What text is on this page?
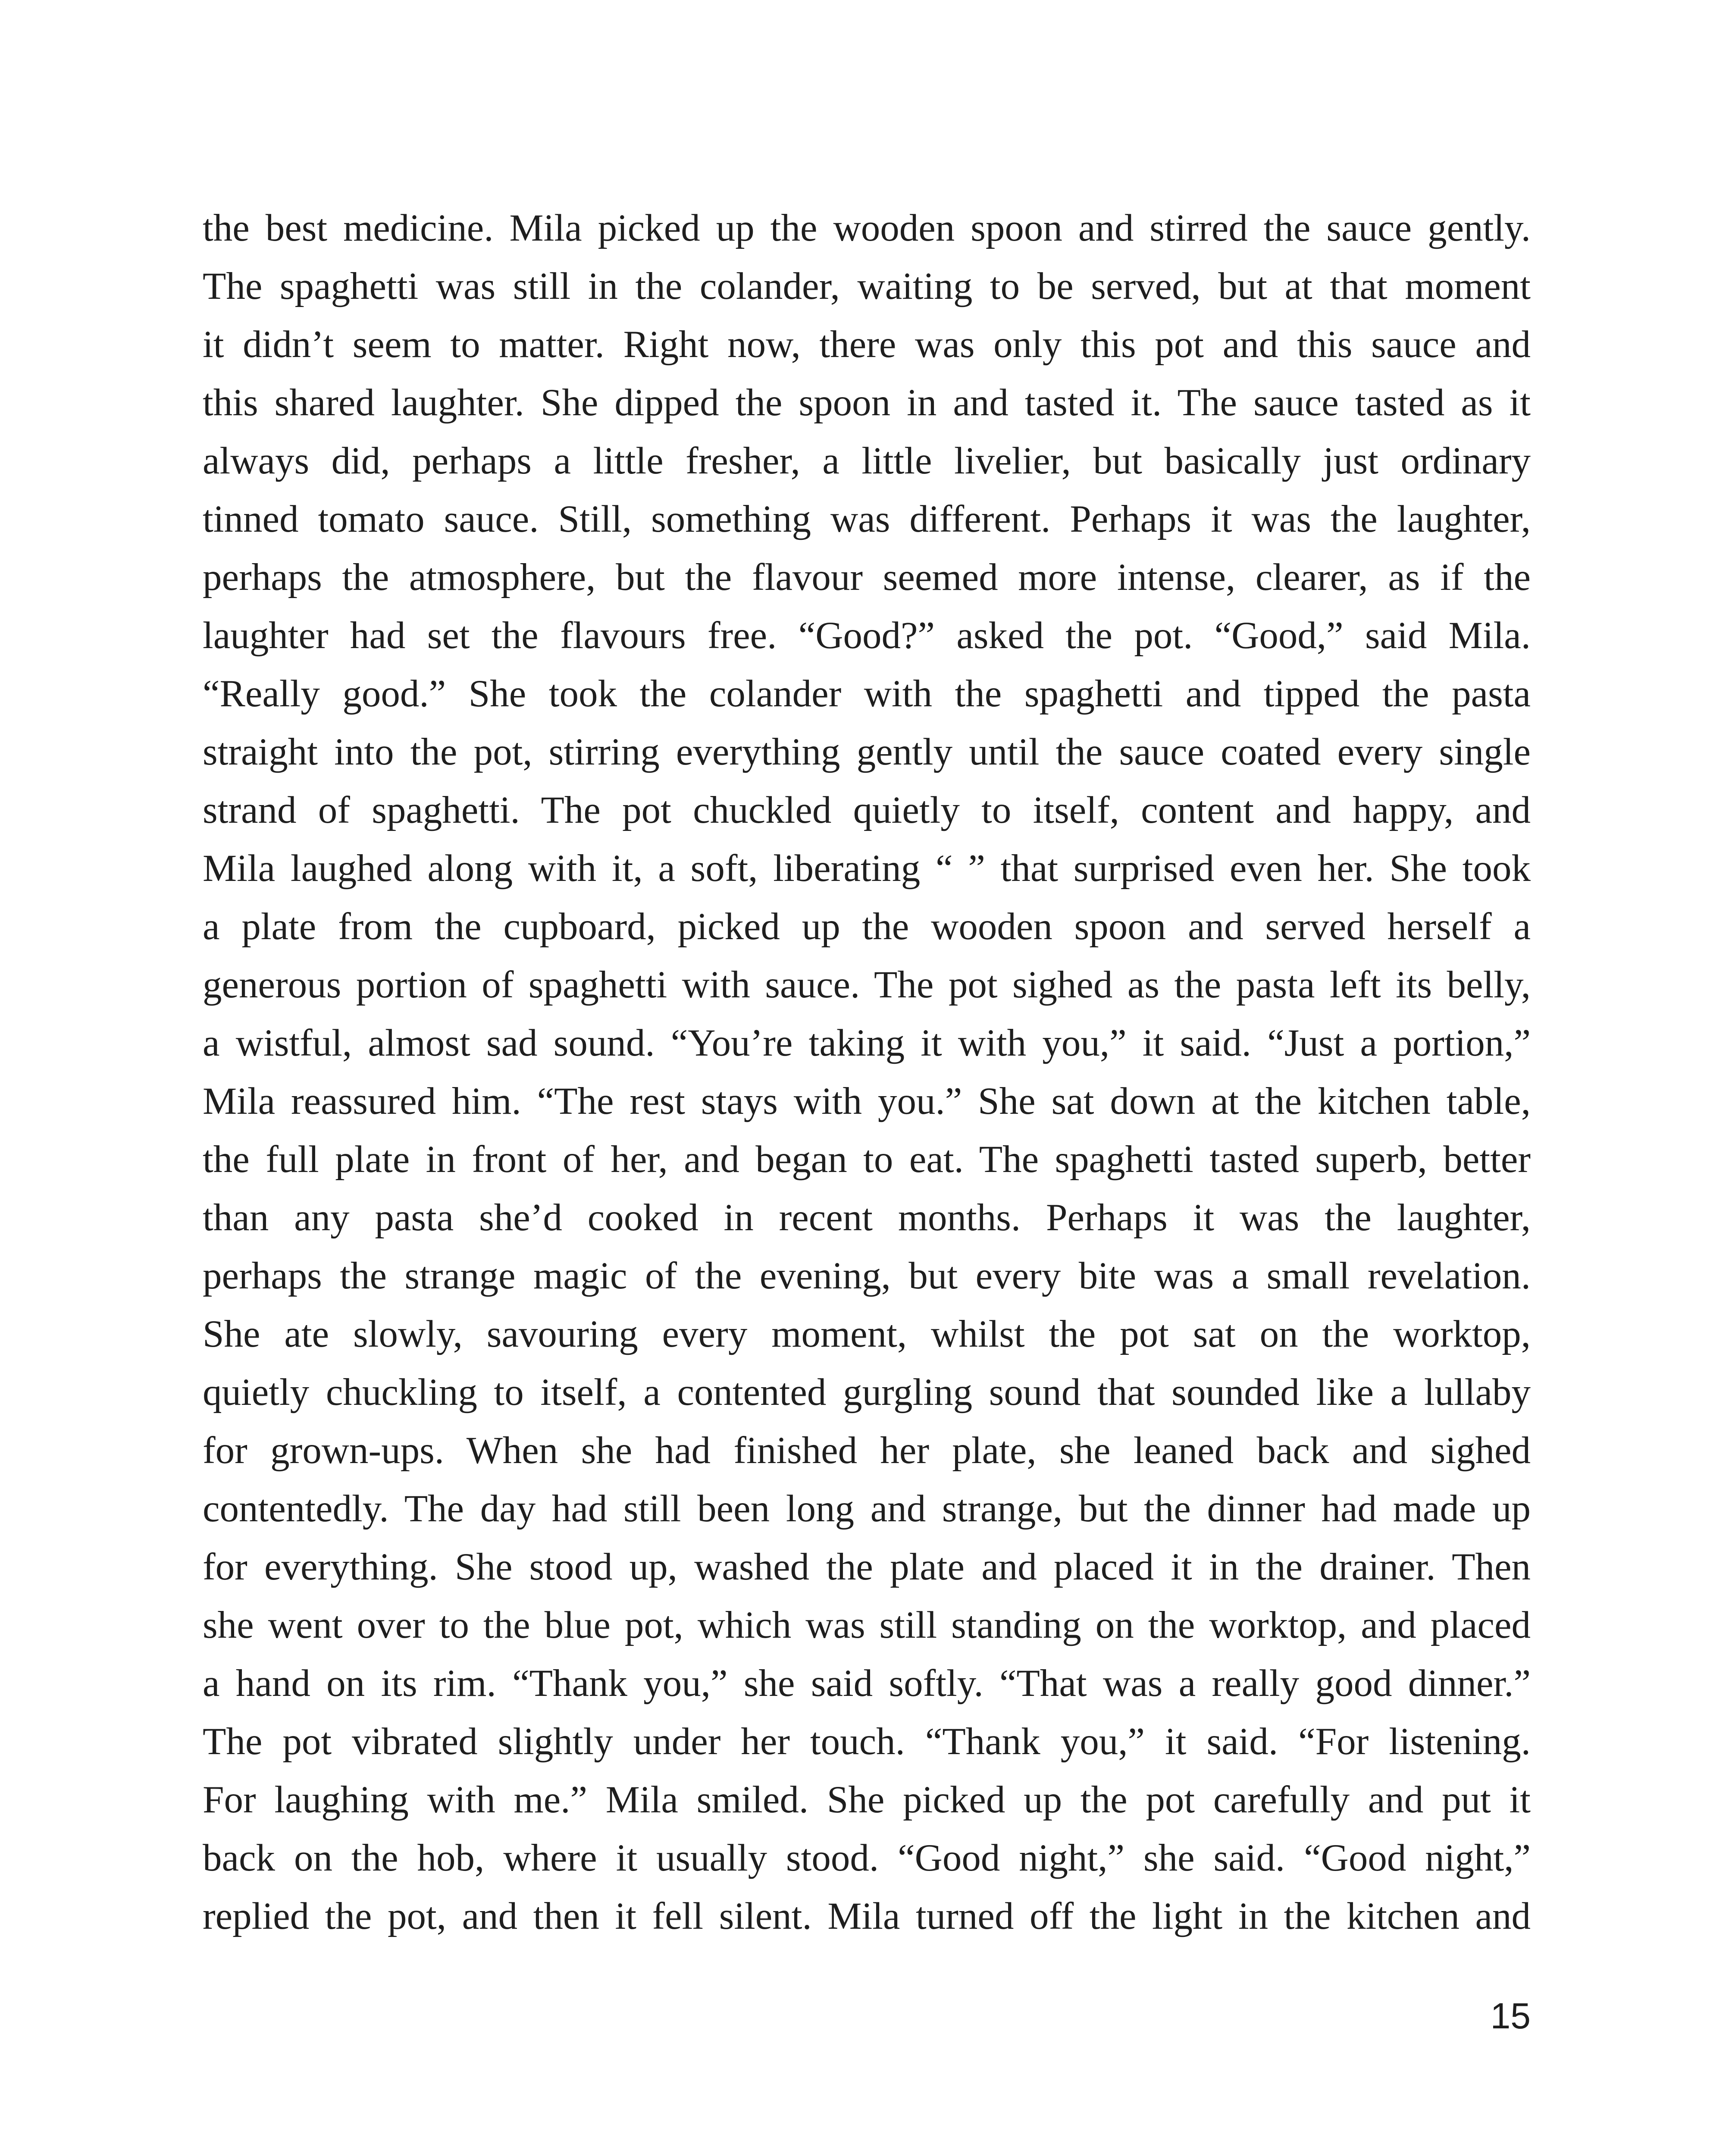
the best medicine. Mila picked up the wooden spoon and stirred the sauce gently.
The spaghetti was still in the colander, waiting to be served, but at that moment
it didn’t seem to matter. Right now, there was only this pot and this sauce and
this shared laughter. She dipped the spoon in and tasted it. The sauce tasted as it
always did, perhaps a little fresher, a little livelier, but basically just ordinary
tinned tomato sauce. Still, something was different. Perhaps it was the laughter,
perhaps the atmosphere, but the flavour seemed more intense, clearer, as if the
laughter had set the flavours free. “Good?” asked the pot. “Good,” said Mila.
“Really good.” She took the colander with the spaghetti and tipped the pasta
straight into the pot, stirring everything gently until the sauce coated every single
strand of spaghetti. The pot chuckled quietly to itself, content and happy, and
Mila laughed along with it, a soft, liberating “ ” that surprised even her. She took
a plate from the cupboard, picked up the wooden spoon and served herself a
generous portion of spaghetti with sauce. The pot sighed as the pasta left its belly,
a wistful, almost sad sound. “You’re taking it with you,” it said. “Just a portion,”
Mila reassured him. “The rest stays with you.” She sat down at the kitchen table,
the full plate in front of her, and began to eat. The spaghetti tasted superb, better
than any pasta she’d cooked in recent months. Perhaps it was the laughter,
perhaps the strange magic of the evening, but every bite was a small revelation.
She ate slowly, savouring every moment, whilst the pot sat on the worktop,
quietly chuckling to itself, a contented gurgling sound that sounded like a lullaby
for grown-ups. When she had finished her plate, she leaned back and sighed
contentedly. The day had still been long and strange, but the dinner had made up
for everything. She stood up, washed the plate and placed it in the drainer. Then
she went over to the blue pot, which was still standing on the worktop, and placed
a hand on its rim. “Thank you,” she said softly. “That was a really good dinner.”
The pot vibrated slightly under her touch. “Thank you,” it said. “For listening.
For laughing with me.” Mila smiled. She picked up the pot carefully and put it
back on the hob, where it usually stood. “Good night,” she said. “Good night,”
replied the pot, and then it fell silent. Mila turned off the light in the kitchen and
15
